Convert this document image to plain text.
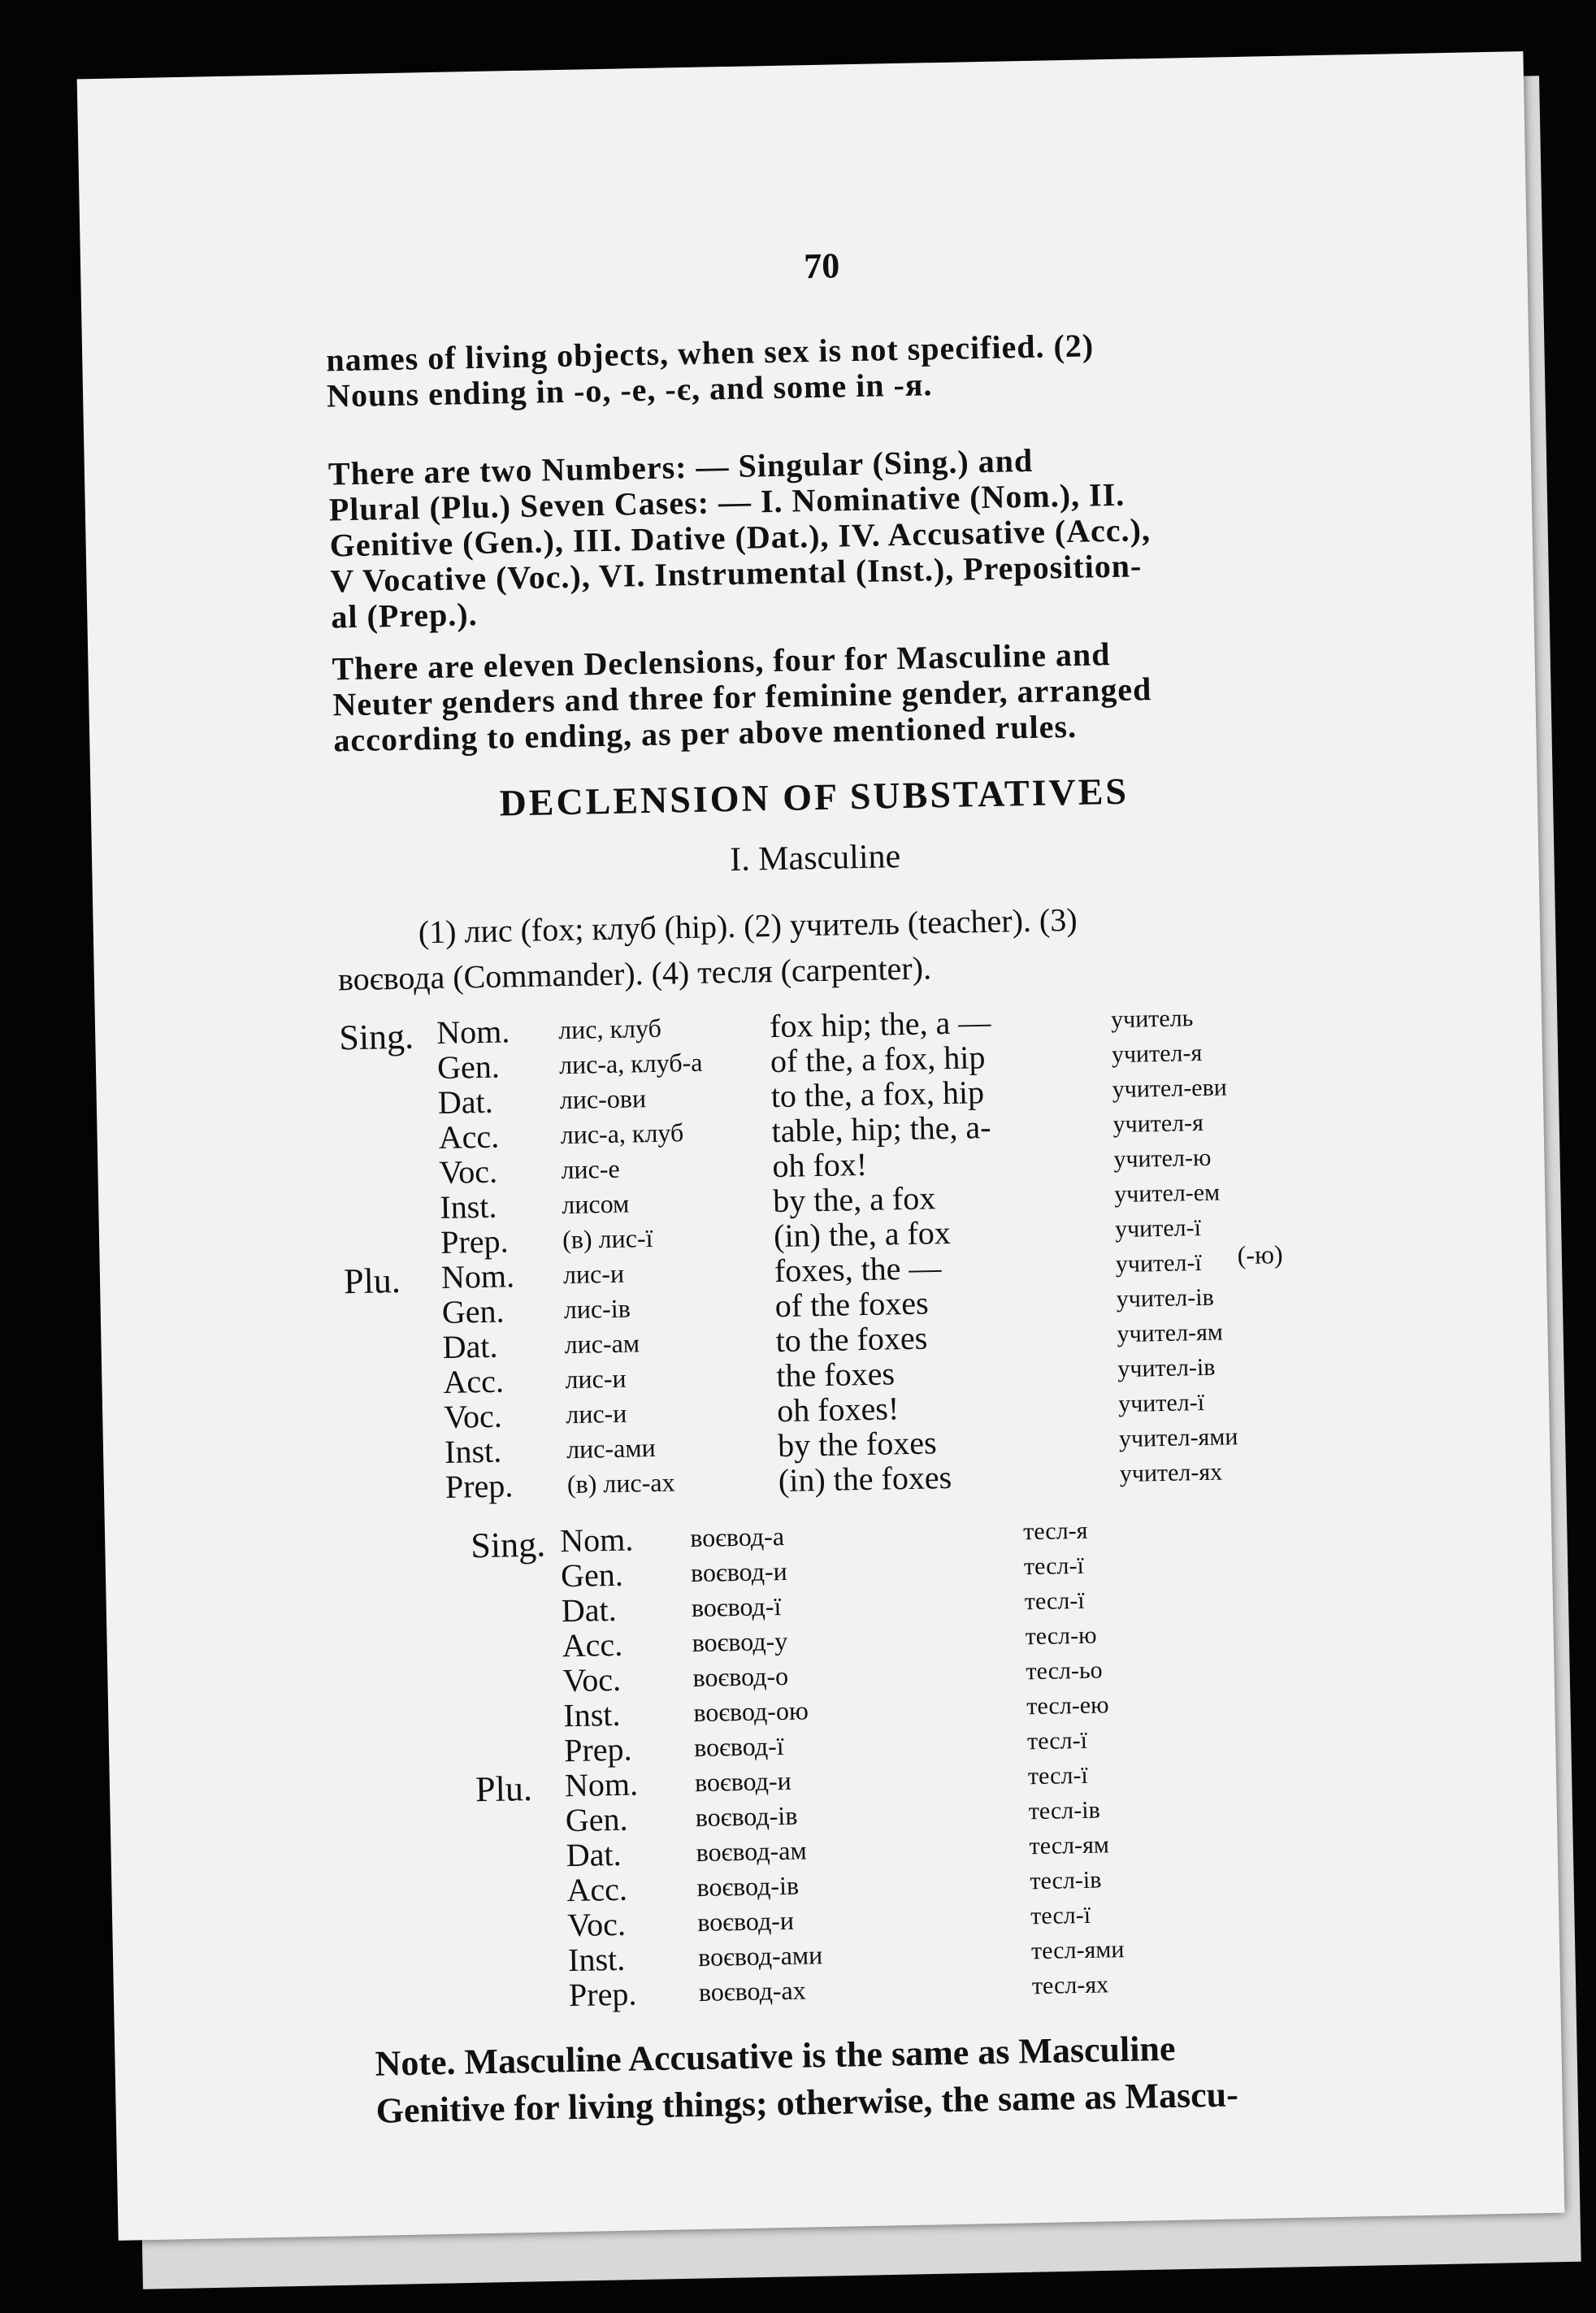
70
names of living objects, when sex is not specified. (2)
Nouns ending in -o, -e, -є, and some in -я.
There are two Numbers: — Singular (Sing.) and
Plural (Plu.) Seven Cases: — I. Nominative (Nom.), II.
Genitive (Gen.), III. Dative (Dat.), IV. Accusative (Acc.),
V Vocative (Voc.), VI. Instrumental (Inst.), Preposition-
al (Prep.).
There are eleven Declensions, four for Masculine and
Neuter genders and three for feminine gender, arranged
according to ending, as per above mentioned rules.
DECLENSION OF SUBSTATIVES
I. Masculine
(1) лис (fox; клуб (hip). (2) учитель (teacher). (3)
воєвода (Commander). (4) тесля (carpenter).
Sing.
Plu.
Nom.
Gen.
Dat.
Acc.
Voc.
Inst.
Prep.
Nom.
Gen.
Dat.
Acc.
Voc.
Inst.
Prep.
лис, клуб
лис-а, клуб-а
лис-ови
лис-а, клуб
лис-е
лисом
(в) лис-ї
лис-и
лис-ів
лис-ам
лис-и
лис-и
лис-ами
(в) лис-ах
fox hip; the, a —
of the, a fox, hip
to the, a fox, hip
table, hip; the, a-
oh fox!
by the, a fox
(in) the, a fox
foxes, the —
of the foxes
to the foxes
the foxes
oh foxes!
by the foxes
(in) the foxes
учитель
учител-я
учител-еви
учител-я
учител-ю
учител-ем
учител-ї
учител-ї
учител-ів
учител-ям
учител-ів
учител-ї
учител-ями
учител-ях
(-ю)
Sing.
Plu.
Nom.
Gen.
Dat.
Acc.
Voc.
Inst.
Prep.
Nom.
Gen.
Dat.
Acc.
Voc.
Inst.
Prep.
воєвод-а
воєвод-и
воєвод-ї
воєвод-у
воєвод-о
воєвод-ою
воєвод-ї
воєвод-и
воєвод-ів
воєвод-ам
воєвод-ів
воєвод-и
воєвод-ами
воєвод-ах
тесл-я
тесл-ї
тесл-ї
тесл-ю
тесл-ьо
тесл-ею
тесл-ї
тесл-ї
тесл-ів
тесл-ям
тесл-ів
тесл-ї
тесл-ями
тесл-ях
Note. Masculine Accusative is the same as Masculine
Genitive for living things; otherwise, the same as Mascu-
